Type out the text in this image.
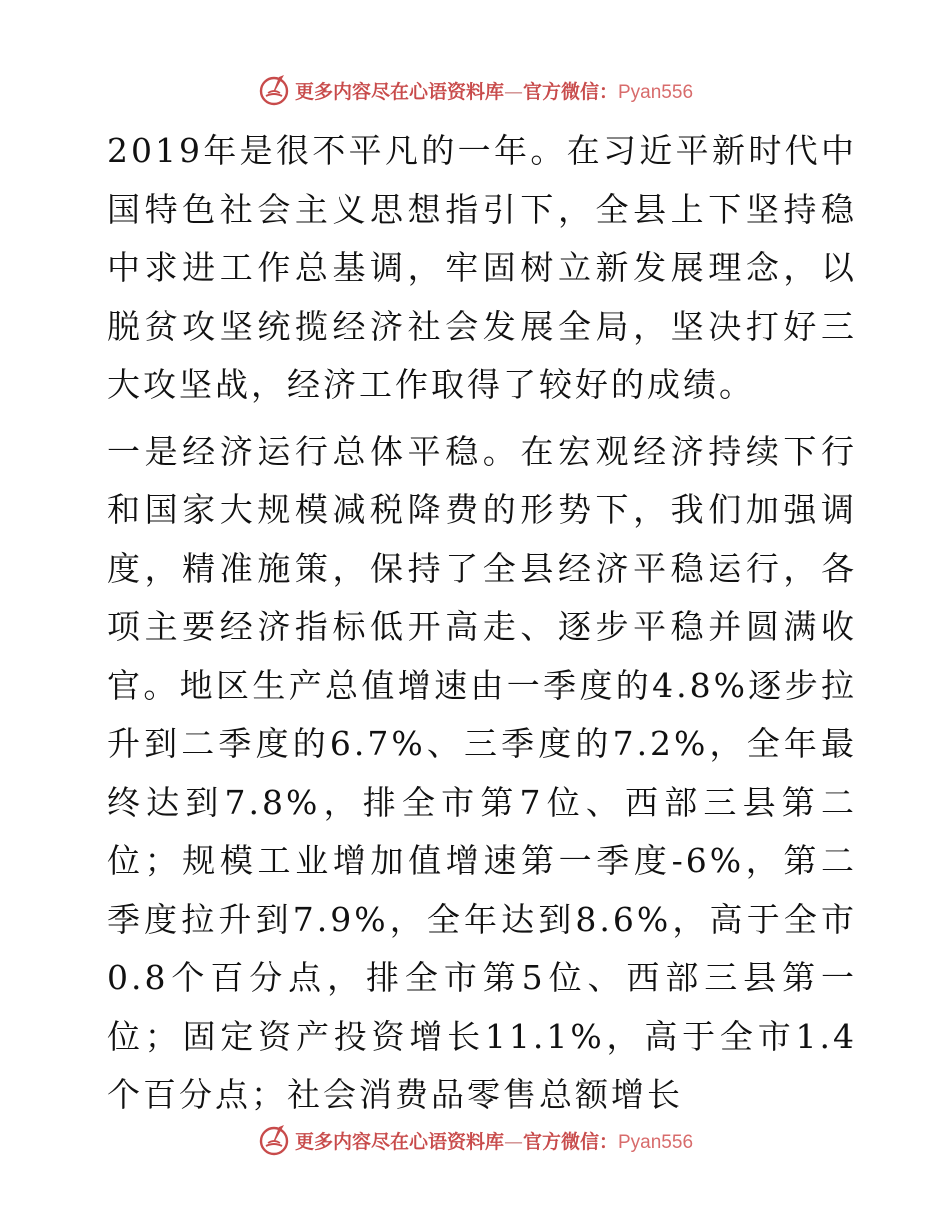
更多内容尽在心语资料库—官方微信：Pyan556

2019年是很不平凡的一年。在习近平新时代中国特色社会主义思想指引下，全县上下坚持稳中求进工作总基调，牢固树立新发展理念，以脱贫攻坚统揽经济社会发展全局，坚决打好三大攻坚战，经济工作取得了较好的成绩。

一是经济运行总体平稳。在宏观经济持续下行和国家大规模减税降费的形势下，我们加强调度，精准施策，保持了全县经济平稳运行，各项主要经济指标低开高走、逐步平稳并圆满收官。地区生产总值增速由一季度的4.8%逐步拉升到二季度的6.7%、三季度的7.2%，全年最终达到7.8%，排全市第7位、西部三县第二位；规模工业增加值增速第一季度-6%，第二季度拉升到7.9%，全年达到8.6%，高于全市0.8个百分点，排全市第5位、西部三县第一位；固定资产投资增长11.1%，高于全市1.4个百分点；社会消费品零售总额增长

更多内容尽在心语资料库—官方微信：Pyan556
